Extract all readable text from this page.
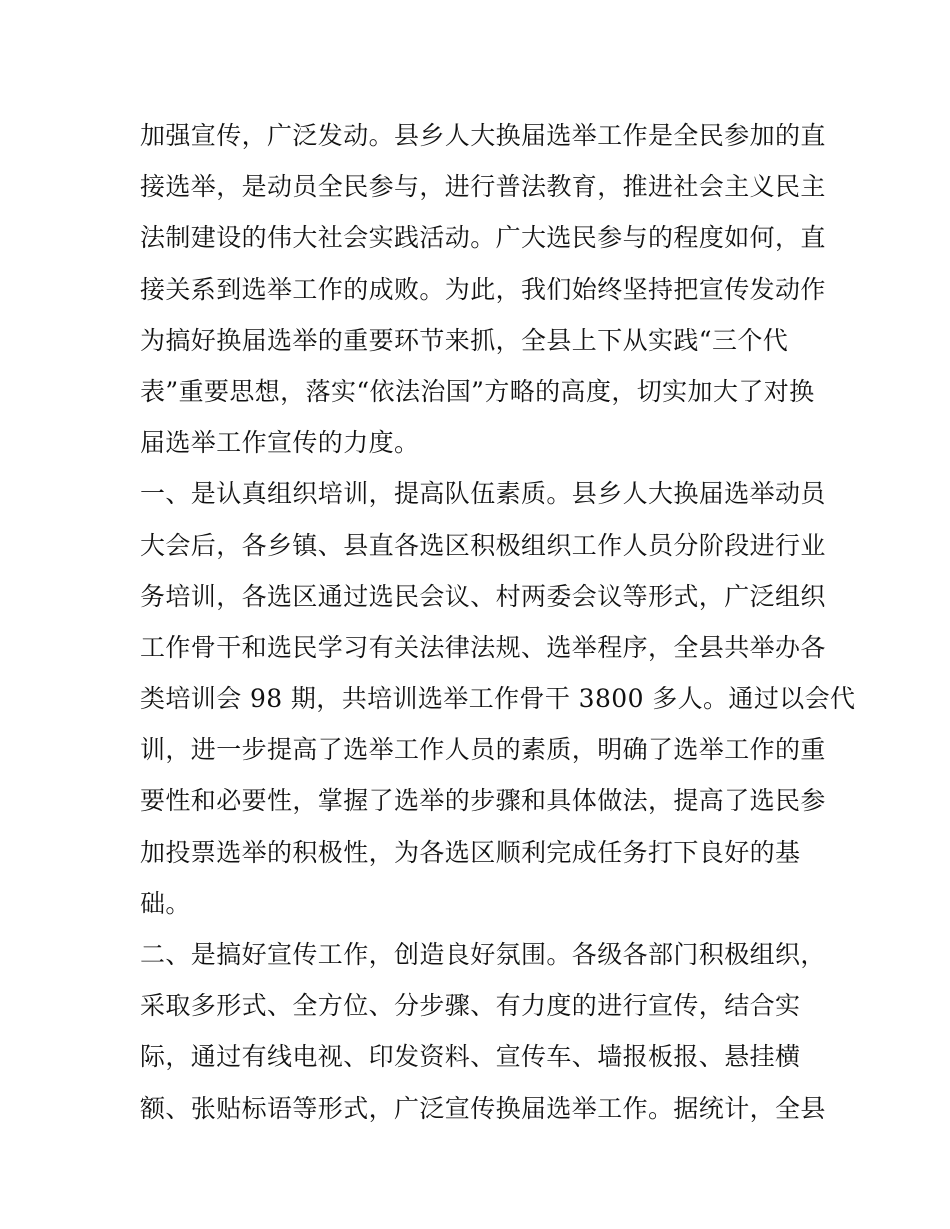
加强宣传，广泛发动。县乡人大换届选举工作是全民参加的直
接选举，是动员全民参与，进行普法教育，推进社会主义民主
法制建设的伟大社会实践活动。广大选民参与的程度如何，直
接关系到选举工作的成败。为此，我们始终坚持把宣传发动作
为搞好换届选举的重要环节来抓，全县上下从实践“三个代
表”重要思想，落实“依法治国”方略的高度，切实加大了对换
届选举工作宣传的力度。
一、是认真组织培训，提高队伍素质。县乡人大换届选举动员
大会后，各乡镇、县直各选区积极组织工作人员分阶段进行业
务培训，各选区通过选民会议、村两委会议等形式，广泛组织
工作骨干和选民学习有关法律法规、选举程序，全县共举办各
类培训会 98 期，共培训选举工作骨干 3800 多人。通过以会代
训，进一步提高了选举工作人员的素质，明确了选举工作的重
要性和必要性，掌握了选举的步骤和具体做法，提高了选民参
加投票选举的积极性，为各选区顺利完成任务打下良好的基
础。
二、是搞好宣传工作，创造良好氛围。各级各部门积极组织，
采取多形式、全方位、分步骤、有力度的进行宣传，结合实
际，通过有线电视、印发资料、宣传车、墙报板报、悬挂横
额、张贴标语等形式，广泛宣传换届选举工作。据统计，全县
